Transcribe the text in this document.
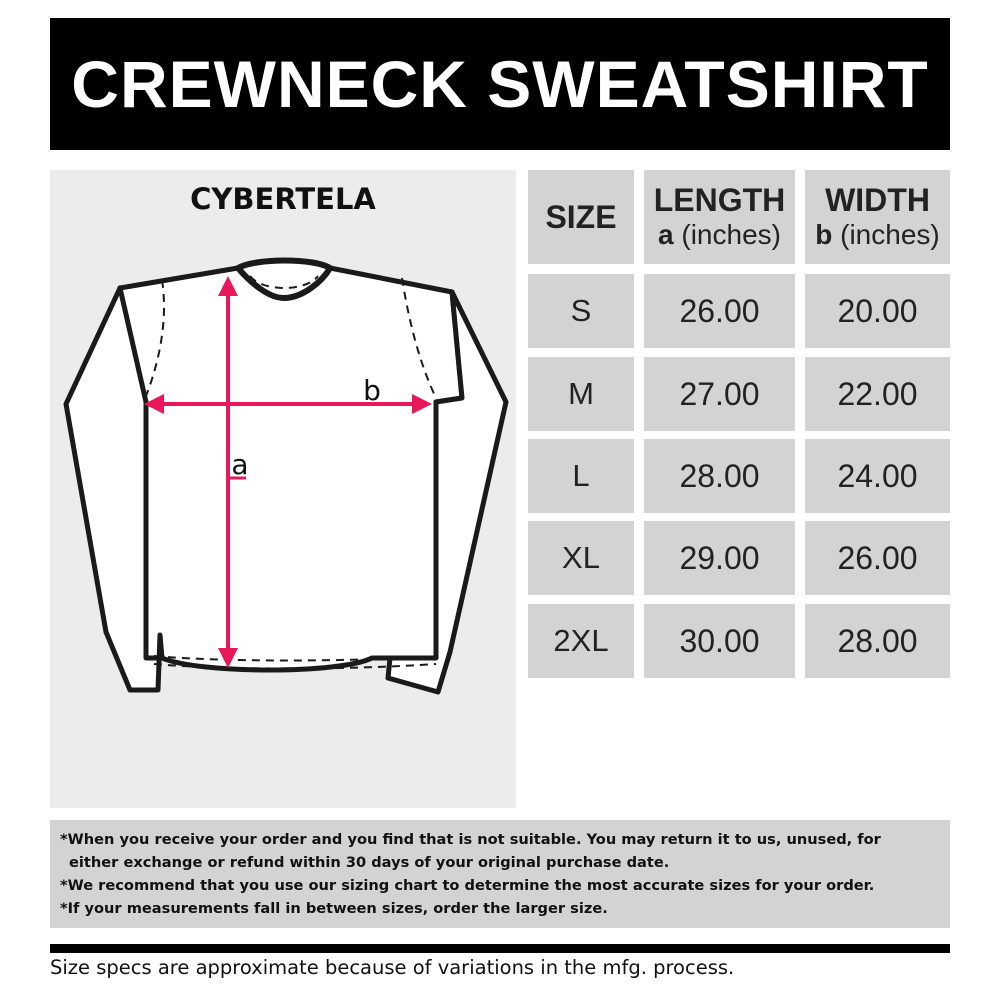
CREWNECK SWEATSHIRT
CYBERTELA
a
b
SIZE LENGTH
a (inches)
WIDTH
b (inches)
S	26.00 20.00
M	27.00 22.00
L	28.00 24.00
XL 29.00 26.00
2XL 30.00 28.00
*When you receive your order and you find that is not suitable. You may return it to us, unused, for
either exchange or refund within 30 days of your original purchase date.
*We recommend that you use our sizing chart to determine the most accurate sizes for your order.
*If your measurements fall in between sizes, order the larger size.
Size specs are approximate because of variations in the mfg. process.
